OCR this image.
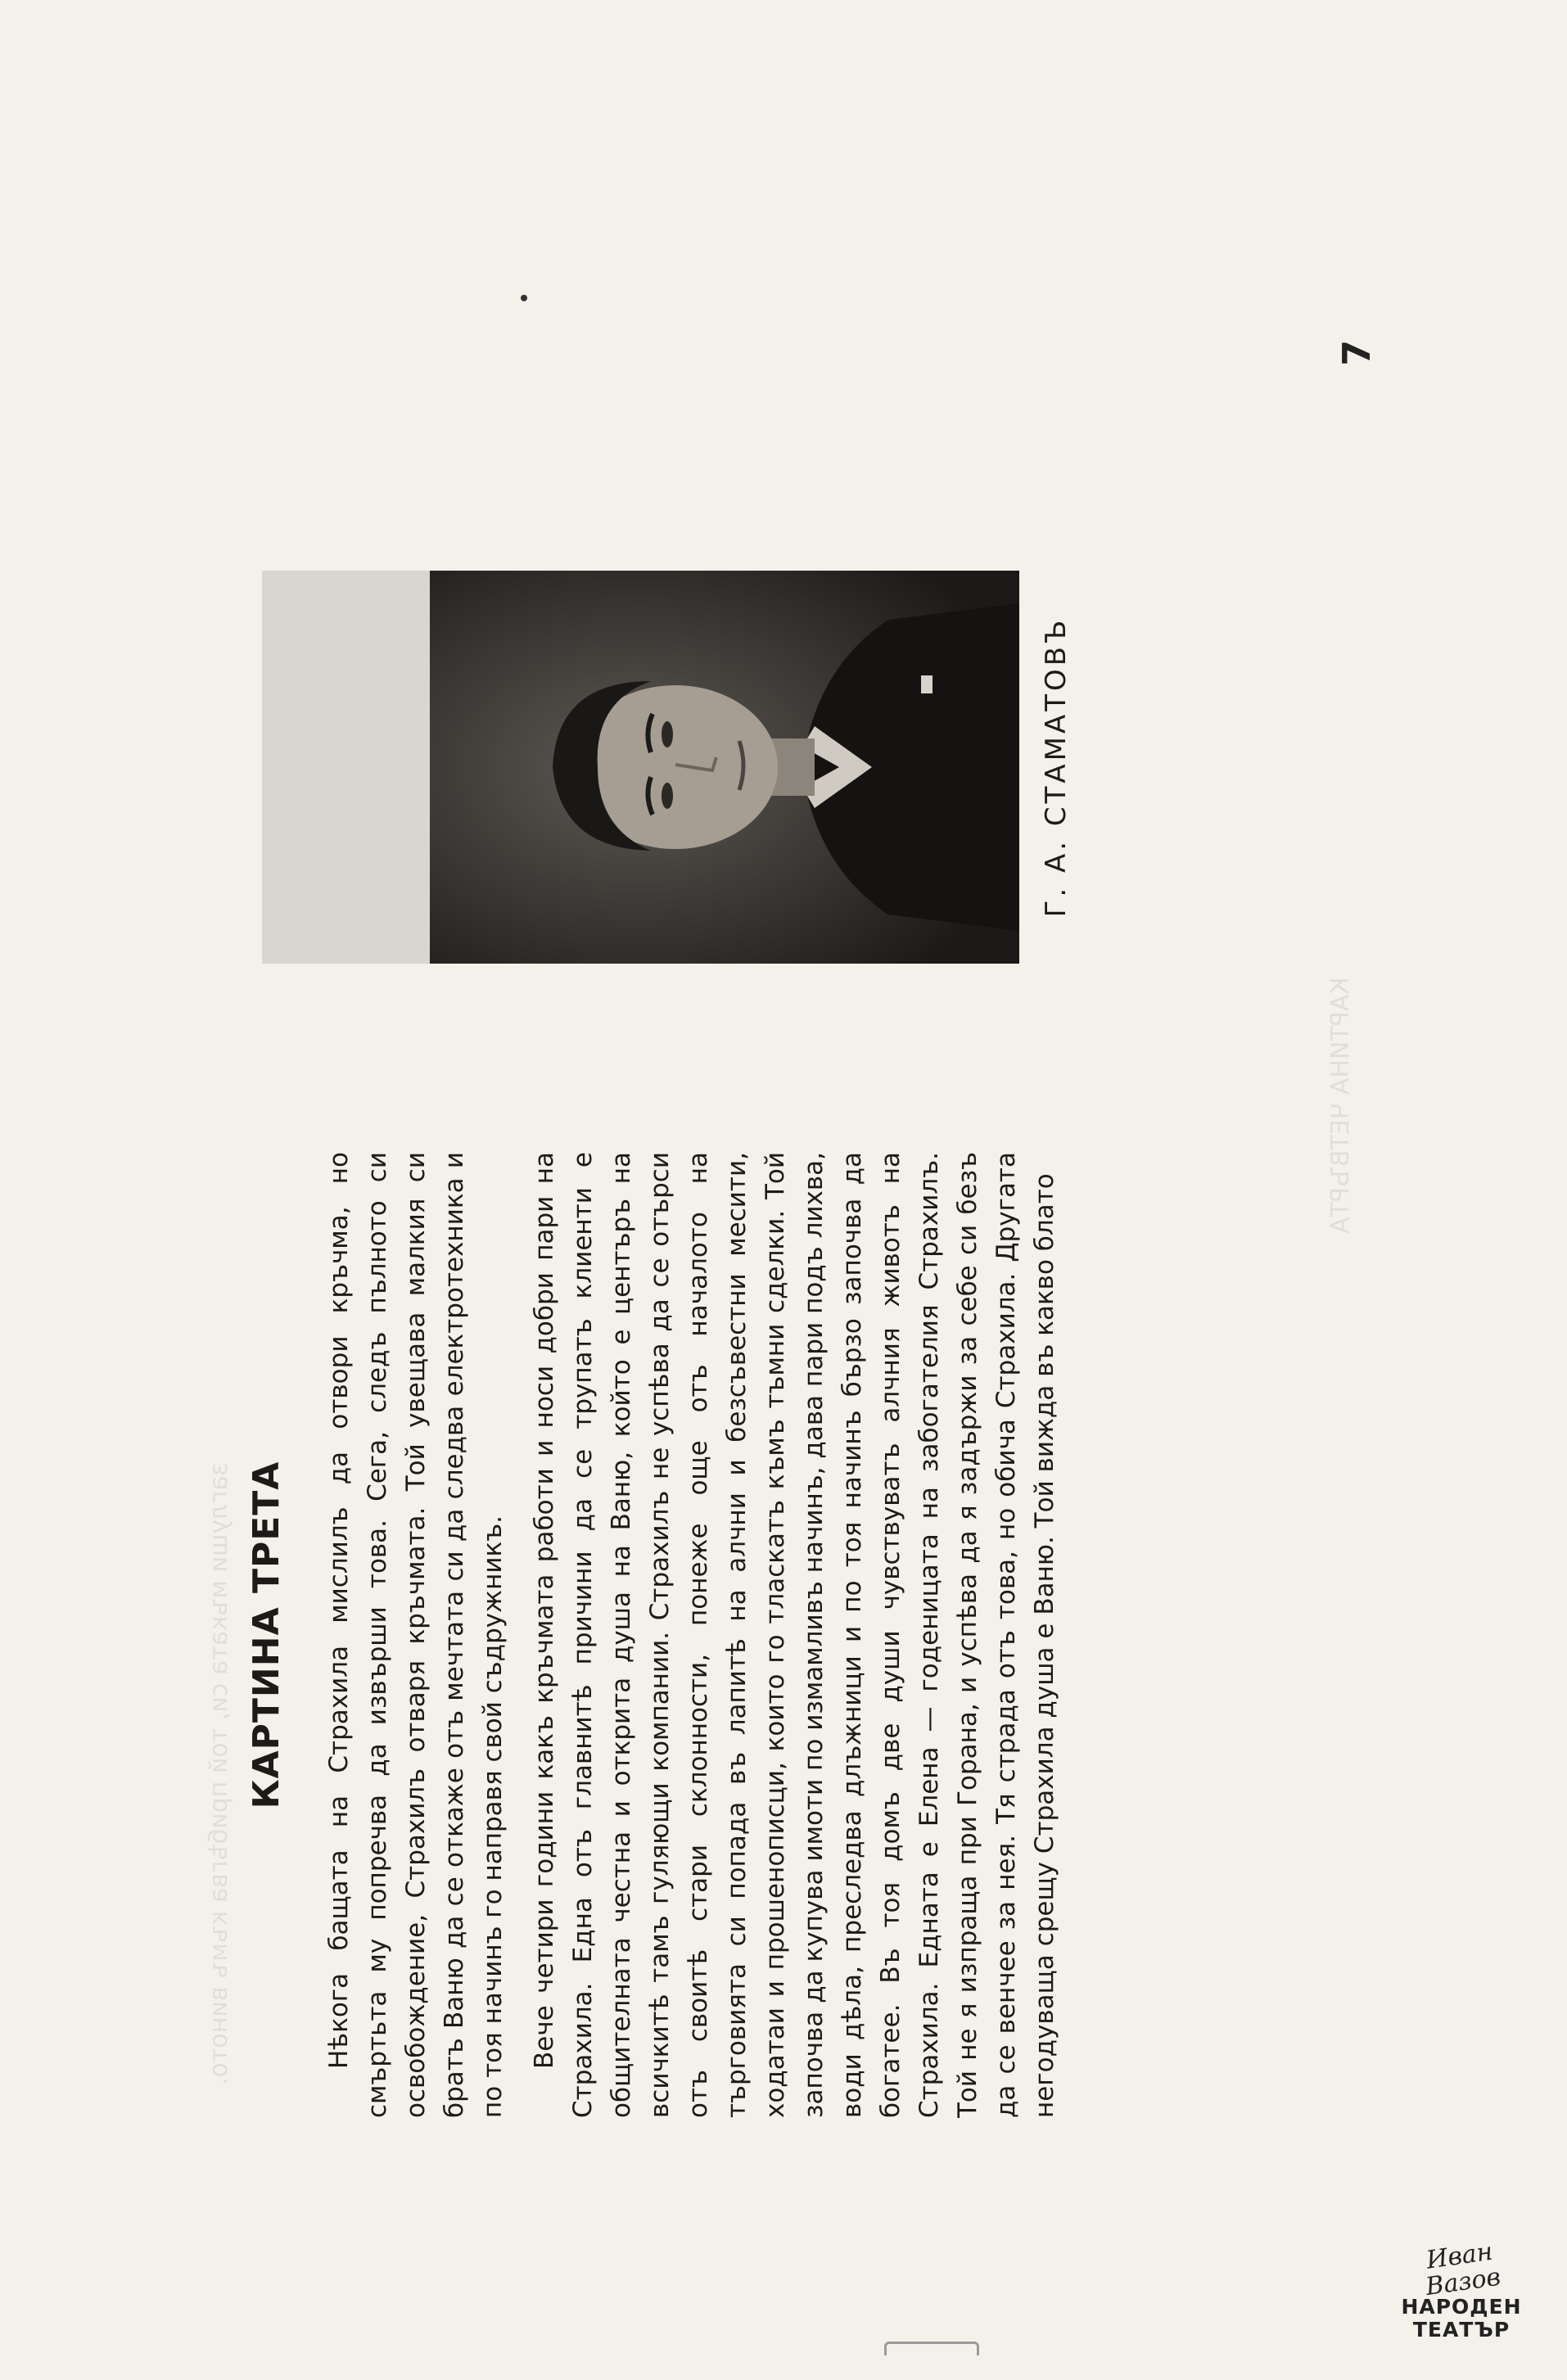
заглуши мъката си, той прибѣгва къмъ виното.
КАРТИНА ЧЕТВЪРТА
КАРТИНА ТРЕТА Нѣкога бащата на Страхила мислилъ да отвори кръчма, но смъртьта му попречва да извърши това. Сега, следъ пълното си освобождение, Страхилъ отваря кръчмата. Той увещава малкия си братъ Ваню да се откаже отъ мечтата си да следва електротехника и по тоя начинъ го направя свой съдружникъ. Вече четири години какъ кръчмата работи и носи добри пари на Страхила. Една отъ главнитѣ причини да се трупатъ клиенти е общителната честна и открита душа на Ваню, който е центъръ на всичкитѣ тамъ гуляющи компании. Страхилъ не успѣва да се отърси отъ своитѣ стари склонности, понеже още отъ началото на търговията си попада въ лапитѣ на алчни и безсъвестни месити, ходатаи и прошенописци, които го тласкатъ къмъ тъмни сделки. Той започва да купува имоти по измамливъ начинъ, дава пари подъ лихва, води дѣла, преследва длъжници и по тоя начинъ бързо започва да богатее. Въ тоя домъ две души чувствуватъ алчния животъ на Страхила. Едната е Елена — годеницата на забогателия Страхилъ. Той не я изпраща при Горана, и успѣва да я задържи за себе си безъ да се венчее за нея. Тя страда отъ това, но обича Страхила. Другата негодуваща срещу Страхила душа е Ваню. Той вижда въ какво блато

Г. А. СТАМАТОВЪ
7
Иван Вазов
НАРОДЕН
ТЕАТЪР
